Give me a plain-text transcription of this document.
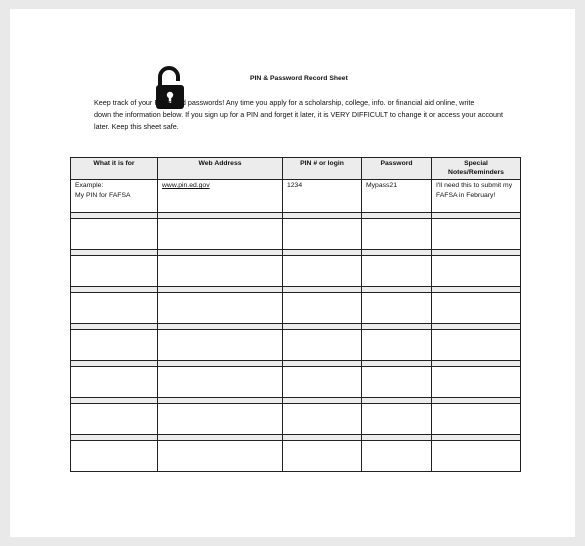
PIN & Password Record Sheet
Keep track of your PIN s and passwords! Any time you apply for a scholarship, college, info. or financial aid online, write
down the information below. If you sign up for a PIN and forget it later, it is VERY DIFFICULT to change it or access your account
later. Keep this sheet safe.
What it is for	Web Address	PIN # or login	Password	Special
Notes/Reminders

Example:
My PIN for FAFSA	www.pin.ed.gov	1234	Mypass21	I'll need this to submit my
FAFSA in February!
